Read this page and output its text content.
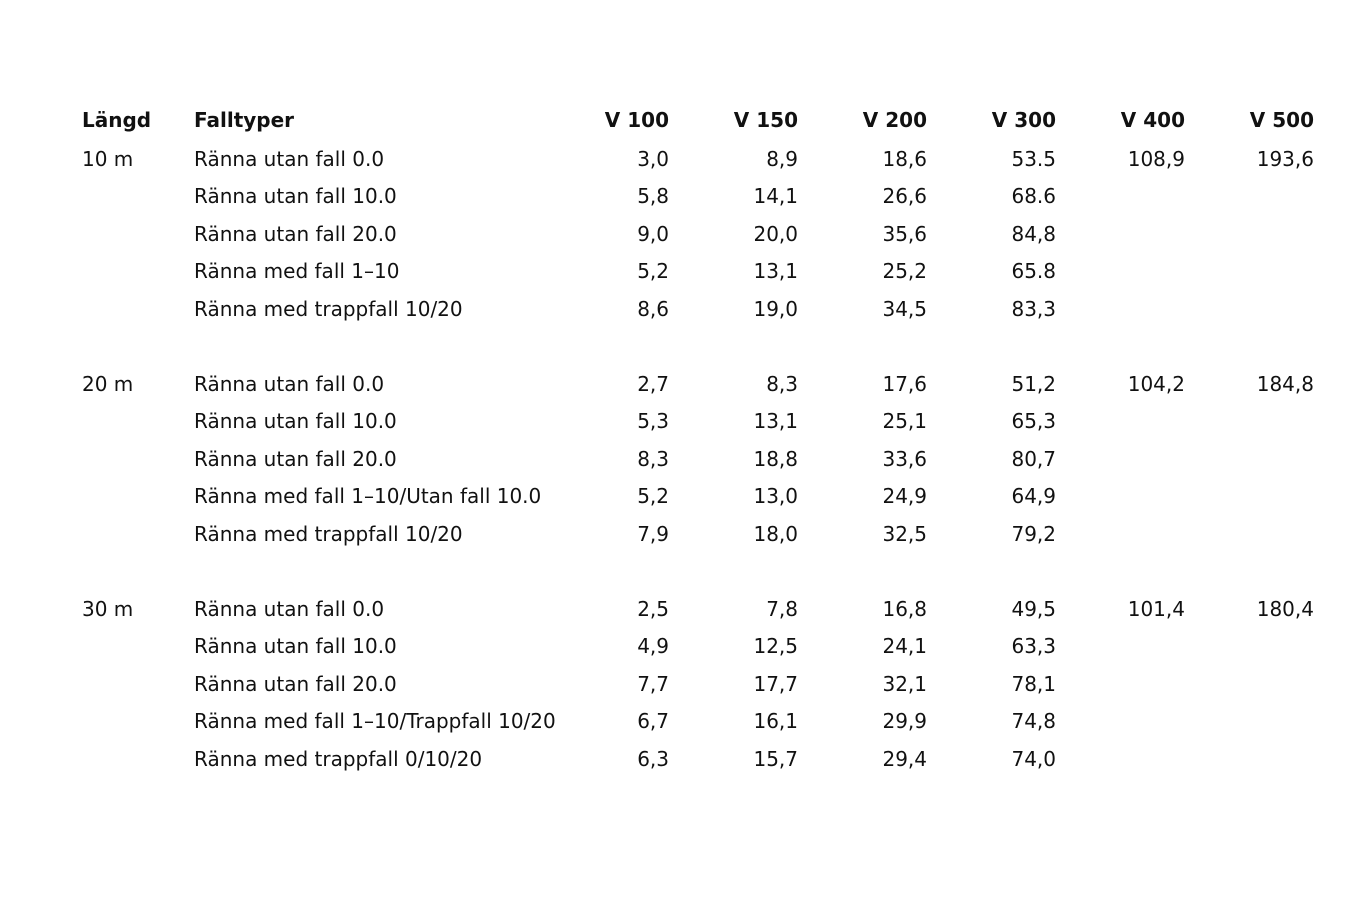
Längd	Falltyper	V 100	V 150	V 200	V 300	V 400	V 500
10 m	Ränna utan fall 0.0	3,0	8,9	18,6	53.5	108,9	193,6
	Ränna utan fall 10.0	5,8	14,1	26,6	68.6		
	Ränna utan fall 20.0	9,0	20,0	35,6	84,8		
	Ränna med fall 1–10	5,2	13,1	25,2	65.8		
	Ränna med trappfall 10/20	8,6	19,0	34,5	83,3		

20 m	Ränna utan fall 0.0	2,7	8,3	17,6	51,2	104,2	184,8
	Ränna utan fall 10.0	5,3	13,1	25,1	65,3		
	Ränna utan fall 20.0	8,3	18,8	33,6	80,7		
	Ränna med fall 1–10/Utan fall 10.0	5,2	13,0	24,9	64,9		
	Ränna med trappfall 10/20	7,9	18,0	32,5	79,2		

30 m	Ränna utan fall 0.0	2,5	7,8	16,8	49,5	101,4	180,4
	Ränna utan fall 10.0	4,9	12,5	24,1	63,3		
	Ränna utan fall 20.0	7,7	17,7	32,1	78,1		
	Ränna med fall 1–10/Trappfall 10/20	6,7	16,1	29,9	74,8		
	Ränna med trappfall 0/10/20	6,3	15,7	29,4	74,0		
